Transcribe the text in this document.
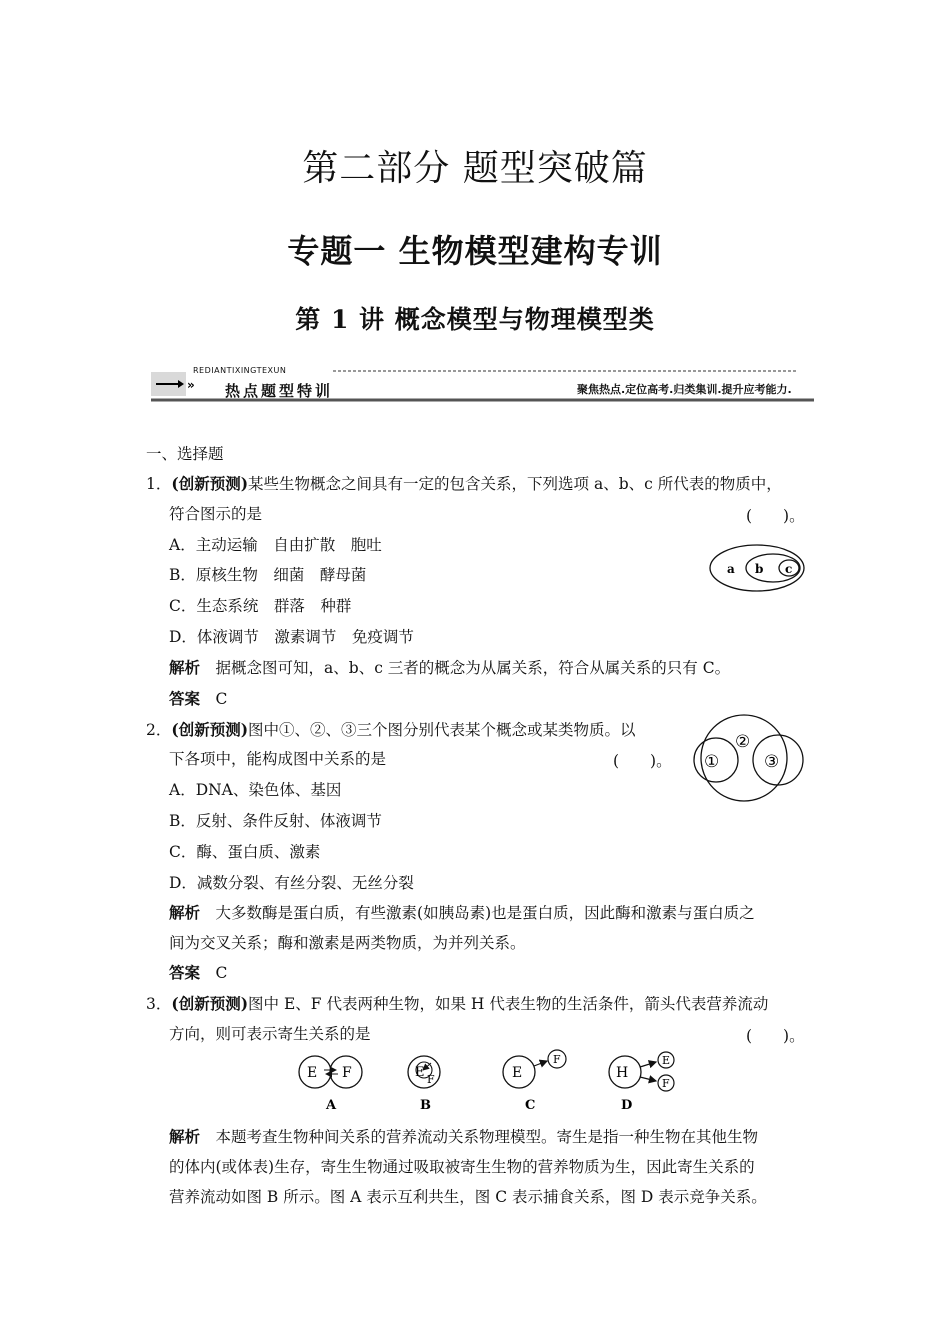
第二部分 题型突破篇
专题一 生物模型建构专训
第 1 讲 概念模型与物理模型类
»
REDIANTIXINGTEXUN
热点题型特训	聚焦热点.定位高考.归类集训.提升应考能力.
一、选择题
1．(创新预测)某些生物概念之间具有一定的包含关系，下列选项 a、b、c 所代表的物质中，
符合图示的是	(　　)。
A．主动运输　自由扩散　胞吐
B．原核生物　细菌　酵母菌
C．生态系统　群落　种群
D．体液调节　激素调节　免疫调节
解析　 据概念图可知，a、b、c 三者的概念为从属关系，符合从属关系的只有 C。
答案　 C
a b c
2．(创新预测)图中①、②、③三个图分别代表某个概念或某类物质。以
下各项中，能构成图中关系的是	(　　)。
A．DNA、染色体、基因
B．反射、条件反射、体液调节
C．酶、蛋白质、激素
D．减数分裂、有丝分裂、无丝分裂
解析　 大多数酶是蛋白质，有些激素(如胰岛素)也是蛋白质，因此酶和激素与蛋白质之
间为交叉关系；酶和激素是两类物质，为并列关系。
答案　 C
①
②
③
3．(创新预测)图中 E、F 代表两种生物，如果 H 代表生物的生活条件，箭头代表营养流动
方向，则可表示寄生关系的是	(　　)。
E F
A
E F
B
E
F
C
H
E
F
D
解析　 本题考查生物种间关系的营养流动关系物理模型。寄生是指一种生物在其他生物
的体内(或体表)生存，寄生生物通过吸取被寄生生物的营养物质为生，因此寄生关系的
营养流动如图 B 所示。图 A 表示互利共生，图 C 表示捕食关系，图 D 表示竞争关系。
